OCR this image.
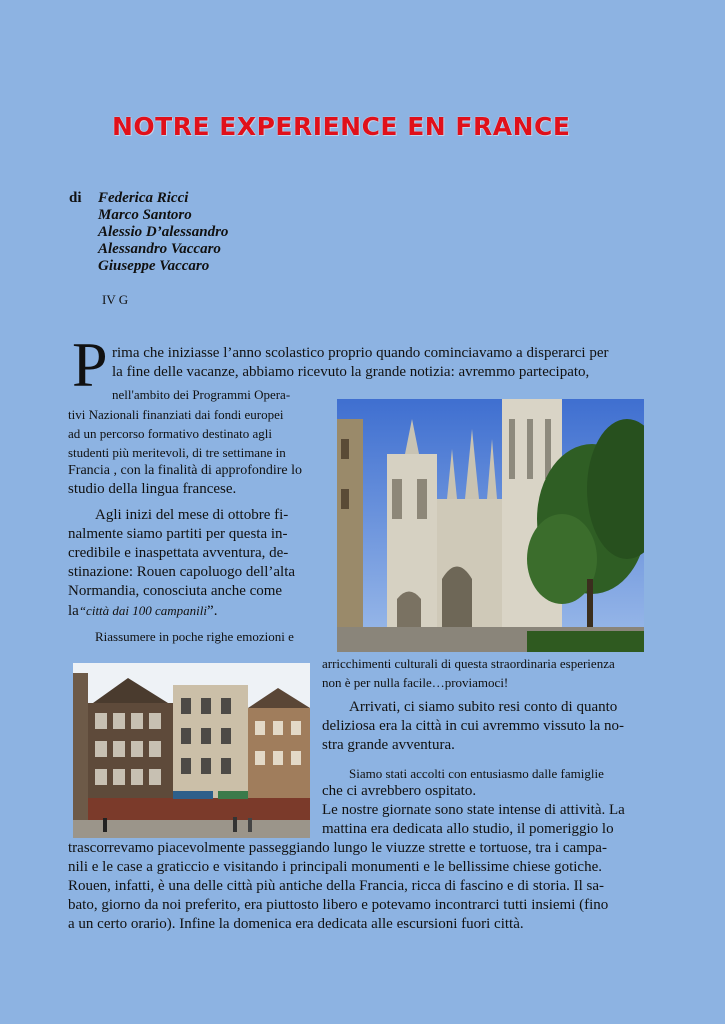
NOTRE EXPERIENCE EN FRANCE
di Federica Ricci
Marco Santoro
Alessio D’alessandro
Alessandro Vaccaro
Giuseppe Vaccaro
IV G
P rima che iniziasse l’anno scolastico proprio quando cominciavamo a disperarci per
la fine delle vacanze, abbiamo ricevuto la grande notizia: avremmo partecipato,
nell'ambito dei Programmi Opera-
tivi Nazionali finanziati dai fondi europei
ad un percorso formativo destinato agli
studenti più meritevoli, di tre settimane in
Francia , con la finalità di approfondire lo
studio della lingua francese.
Agli inizi del mese di ottobre fi-
nalmente siamo partiti per questa in-
credibile e inaspettata avventura, de-
stinazione: Rouen capoluogo dell’alta
Normandia, conosciuta anche come
la“città dai 100 campanili”.
Riassumere in poche righe emozioni e
arricchimenti culturali di questa straordinaria esperienza
non è per nulla facile…proviamoci!
Arrivati, ci siamo subito resi conto di quanto
deliziosa era la città in cui avremmo vissuto la no-
stra grande avventura.
Siamo stati accolti con entusiasmo dalle famiglie
che ci avrebbero ospitato.
Le nostre giornate sono state intense di attività. La
mattina era dedicata allo studio, il pomeriggio lo
trascorrevamo piacevolmente passeggiando lungo le viuzze strette e tortuose, tra i campa-
nili e le case a graticcio e visitando i principali monumenti e le bellissime chiese gotiche.
Rouen, infatti, è una delle città più antiche della Francia, ricca di fascino e di storia. Il sa-
bato, giorno da noi preferito, era piuttosto libero e potevamo incontrarci tutti insiemi (fino
a un certo orario). Infine la domenica era dedicata alle escursioni fuori città.
